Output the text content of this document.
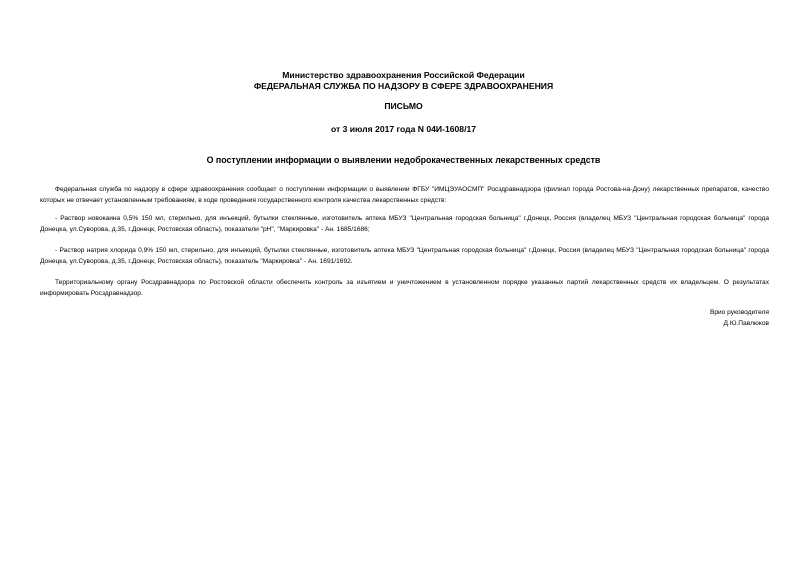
Министерство здравоохранения Российской Федерации
ФЕДЕРАЛЬНАЯ СЛУЖБА ПО НАДЗОРУ В СФЕРЕ ЗДРАВООХРАНЕНИЯ
ПИСЬМО
от 3 июля 2017 года N 04И-1608/17
О поступлении информации о выявлении недоброкачественных лекарственных средств

Федеральная служба по надзору в сфере здравоохранения сообщает о поступлении информации о выявлении ФГБУ "ИМЦЭУАОСМП" Росздравнадзора (филиал города Ростова-на-Дону) лекарственных препаратов, качество которых не отвечает установленным требованиям, в ходе проведения государственного контроля качества лекарственных средств:

- Раствор новокаина 0,5% 150 мл, стерильно, для инъекций, бутылки стеклянные, изготовитель аптека МБУЗ "Центральная городская больница" г.Донецк, Россия (владелец МБУЗ "Центральная городская больница" города Донецка, ул.Суворова, д.35, г.Донецк, Ростовская область), показатели "рН", "Маркировка" - Ан. 1685/1686;

- Раствор натрия хлорида 0,9% 150 мл, стерильно, для инъекций, бутылки стеклянные, изготовитель аптека МБУЗ "Центральная городская больница" г.Донецк, Россия (владелец МБУЗ "Центральная городская больница" города Донецка, ул.Суворова, д.35, г.Донецк, Ростовская область), показатель "Маркировка" - Ан. 1691/1692.

Территориальному органу Росздравнадзора по Ростовской области обеспечить контроль за изъятием и уничтожением в установленном порядке указанных партий лекарственных средств их владельцем. О результатах информировать Росздравнадзор.

Врио руководителя
Д.Ю.Павлюков
